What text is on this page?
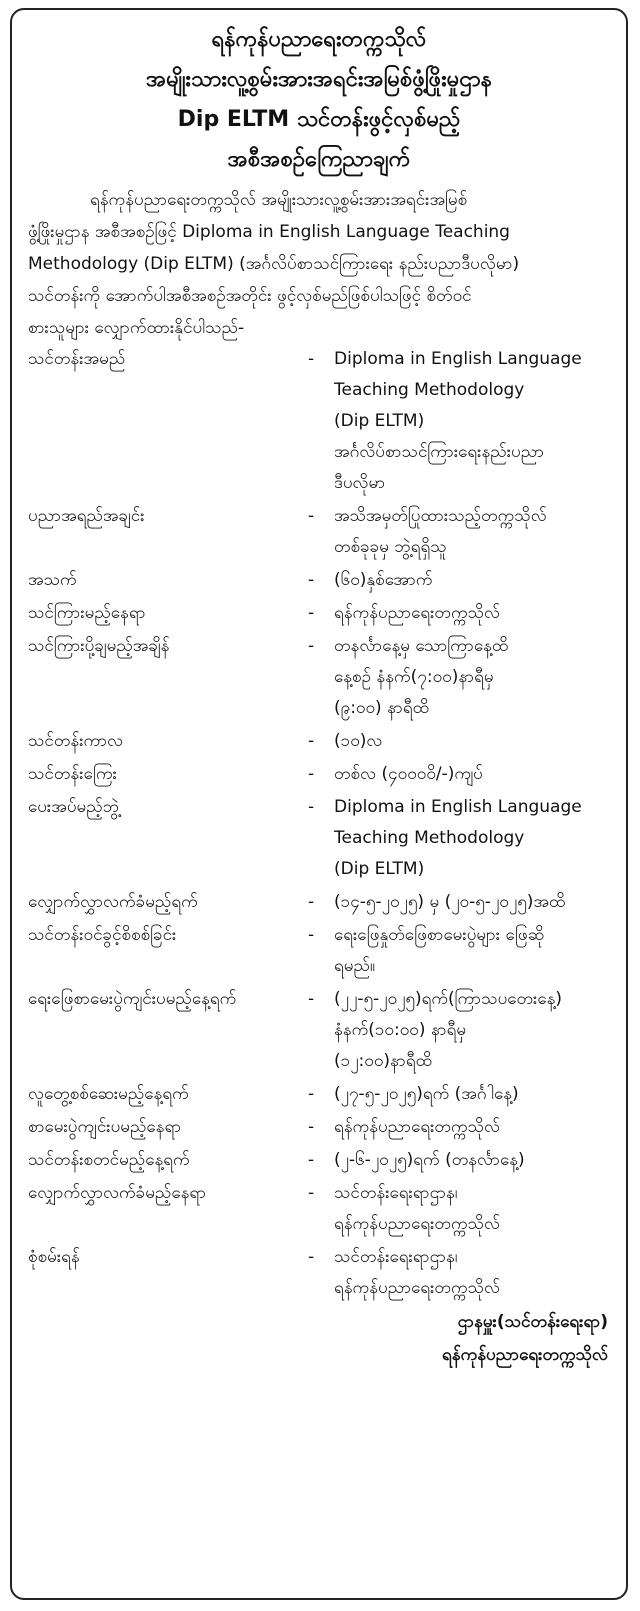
ရန်ကုန်ပညာရေးတက္ကသိုလ်
အမျိုးသားလူ့စွမ်းအားအရင်းအမြစ်ဖွံ့ဖြိုးမှုဌာန
Dip ELTM သင်တန်းဖွင့်လှစ်မည့်
အစီအစဉ်ကြေညာချက်
ရန်ကုန်ပညာရေးတက္ကသိုလ် အမျိုးသားလူ့စွမ်းအားအရင်းအမြစ်
ဖွံ့ဖြိုးမှုဌာန အစီအစဉ်ဖြင့် Diploma in English Language Teaching
Methodology (Dip ELTM) (အင်္ဂလိပ်စာသင်ကြားရေး နည်းပညာဒီပလိုမာ)
သင်တန်းကို အောက်ပါအစီအစဉ်အတိုင်း ဖွင့်လှစ်မည်ဖြစ်ပါသဖြင့် စိတ်ဝင်
စားသူများ လျှောက်ထားနိုင်ပါသည်-
သင်တန်းအမည်	-	Diploma in English Language
Teaching Methodology
(Dip ELTM)
အင်္ဂလိပ်စာသင်ကြားရေးနည်းပညာ
ဒီပလိုမာ
ပညာအရည်အချင်း	-	အသိအမှတ်ပြုထားသည့်တက္ကသိုလ်
တစ်ခုခုမှ ဘွဲ့ရရှိသူ
အသက်	-	(၆၀)နှစ်အောက်
သင်ကြားမည့်နေရာ	-	ရန်ကုန်ပညာရေးတက္ကသိုလ်
သင်ကြားပို့ချမည့်အချိန်	-	တနင်္လာနေ့မှ သောကြာနေ့ထိ
နေ့စဉ် နံနက်(၇:၀၀)နာရီမှ
(၉:၀၀) နာရီထိ
သင်တန်းကာလ	-	(၁၀)လ
သင်တန်းကြေး	-	တစ်လ (၄၀၀၀၀ိ/-)ကျပ်
ပေးအပ်မည့်ဘွဲ့	-	Diploma in English Language
Teaching Methodology
(Dip ELTM)
လျှောက်လွှာလက်ခံမည့်ရက်	-	(၁၄-၅-၂၀၂၅) မှ (၂၀-၅-၂၀၂၅)အထိ
သင်တန်းဝင်ခွင့်စိစစ်ခြင်း	-	ရေးဖြေနှုတ်ဖြေစာမေးပွဲများ ဖြေဆို
ရမည်။
ရေးဖြေစာမေးပွဲကျင်းပမည့်နေ့ရက်	-	(၂၂-၅-၂၀၂၅)ရက်(ကြာသပတေးနေ့)
နံနက်(၁၀:၀၀) နာရီမှ
(၁၂:၀၀)နာရီထိ
လူတွေ့စစ်ဆေးမည့်နေ့ရက်	-	(၂၇-၅-၂၀၂၅)ရက် (အင်္ဂါနေ့)
စာမေးပွဲကျင်းပမည့်နေရာ	-	ရန်ကုန်ပညာရေးတက္ကသိုလ်
သင်တန်းစတင်မည့်နေ့ရက်	-	(၂-၆-၂၀၂၅)ရက် (တနင်္လာနေ့)
လျှောက်လွှာလက်ခံမည့်နေရာ	-	သင်တန်းရေးရာဌာန၊
ရန်ကုန်ပညာရေးတက္ကသိုလ်
စုံစမ်းရန်	-	သင်တန်းရေးရာဌာန၊
ရန်ကုန်ပညာရေးတက္ကသိုလ်
ဌာနမှူး(သင်တန်းရေးရာ)
ရန်ကုန်ပညာရေးတက္ကသိုလ်
